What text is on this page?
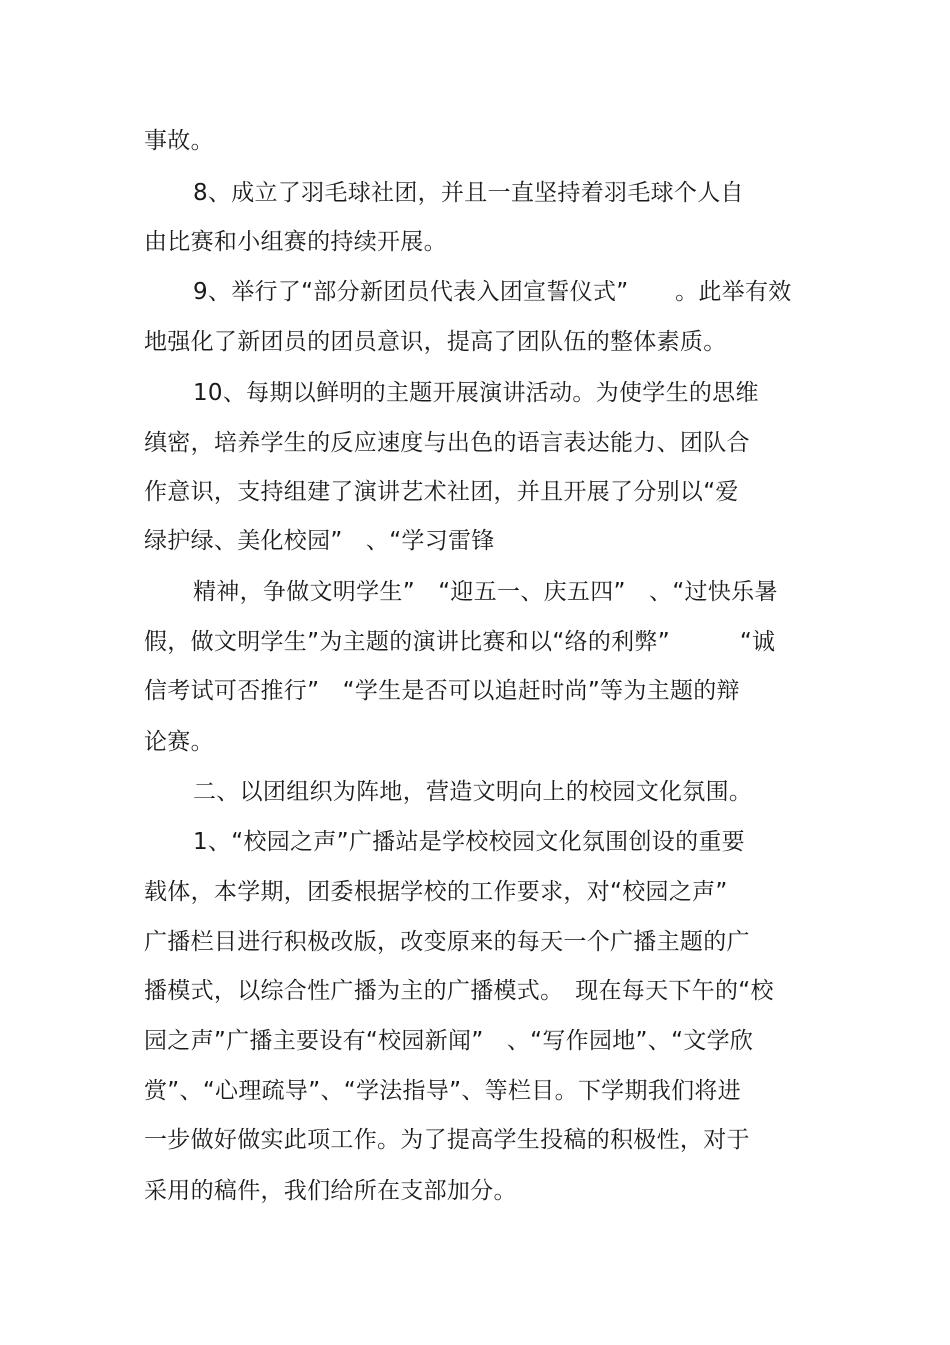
事故。
8、成立了羽毛球社团，并且一直坚持着羽毛球个人自
由比赛和小组赛的持续开展。
9、举行了“部分新团员代表入团宣誓仪式”　　。此举有效
地强化了新团员的团员意识，提高了团队伍的整体素质。
10、每期以鲜明的主题开展演讲活动。为使学生的思维
缜密，培养学生的反应速度与出色的语言表达能力、团队合
作意识，支持组建了演讲艺术社团，并且开展了分别以“爱
绿护绿、美化校园”　、“学习雷锋
精神，争做文明学生”　“迎五一、庆五四”　、“过快乐暑
假，做文明学生”为主题的演讲比赛和以“络的利弊”　　　“诚
信考试可否推行”　“学生是否可以追赶时尚”等为主题的辩
论赛。
二、以团组织为阵地，营造文明向上的校园文化氛围。
1、“校园之声”广播站是学校校园文化氛围创设的重要
载体，本学期，团委根据学校的工作要求，对“校园之声”
广播栏目进行积极改版，改变原来的每天一个广播主题的广
播模式，以综合性广播为主的广播模式。　现在每天下午的“校
园之声”广播主要设有“校园新闻”　、“写作园地”、“文学欣
赏”、“心理疏导”、“学法指导”、等栏目。下学期我们将进
一步做好做实此项工作。为了提高学生投稿的积极性，对于
采用的稿件，我们给所在支部加分。
